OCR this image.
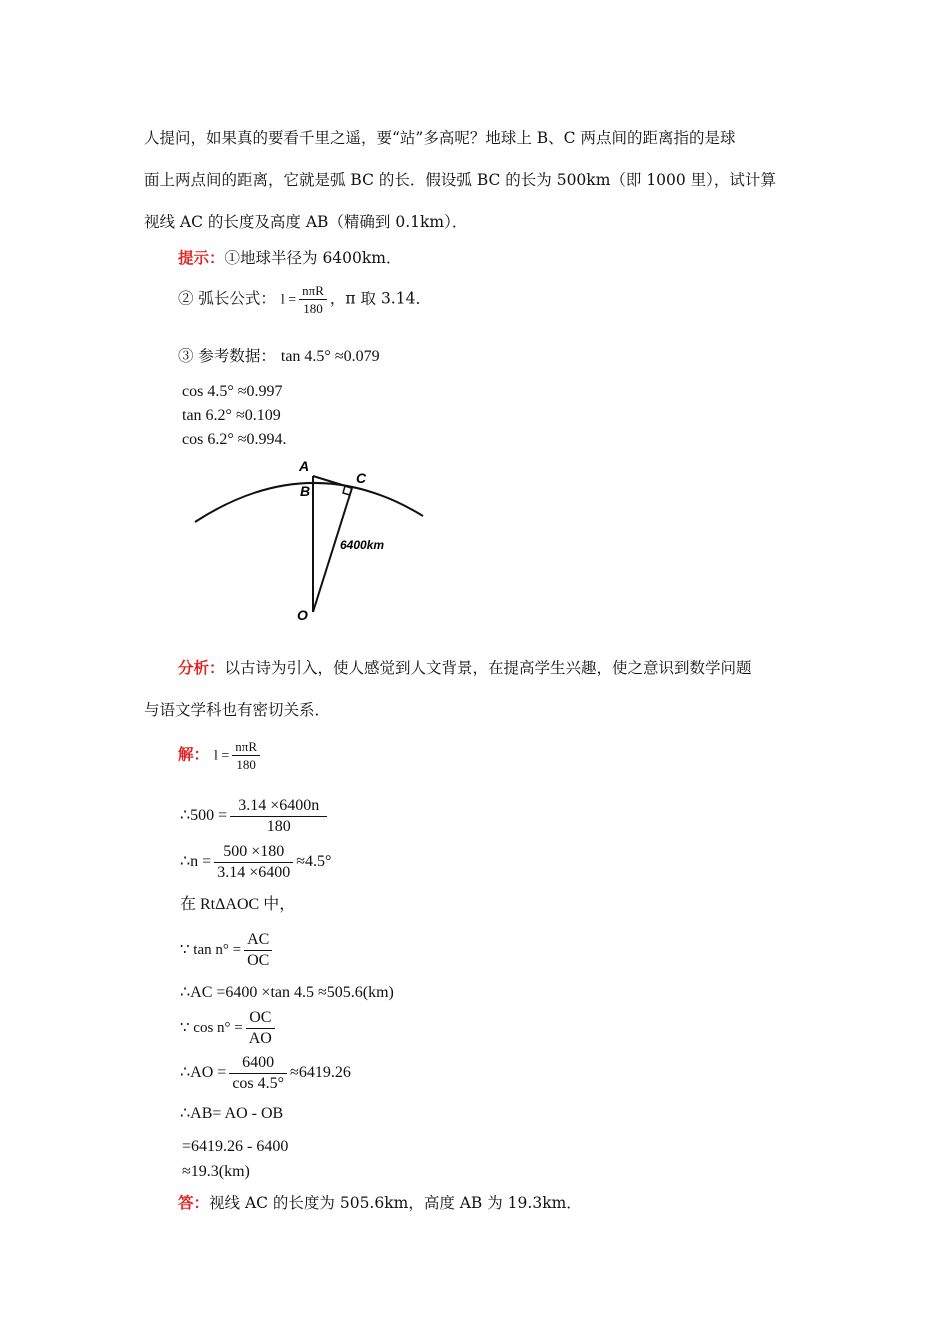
人提问，如果真的要看千里之遥，要“站”多高呢？地球上 B、C 两点间的距离指的是球
面上两点间的距离，它就是弧 BC 的长．假设弧 BC 的长为 500km（即 1000 里），试计算
视线 AC 的长度及高度 AB（精确到 0.1km）．
提示：①地球半径为 6400km．
② 弧长公式： $l = \frac{\text{nπR}}{180}$ ，π 取 3.14．
③ 参考数据： tan 4.5° ≈0.079
cos 4.5° ≈0.997
tan 6.2° ≈0.109
cos 6.2° ≈0.994.
A
B
C
O
6400km
分析：以古诗为引入，使人感觉到人文背景，在提高学生兴趣，使之意识到数学问题
与语文学科也有密切关系．
解： $l = \frac{\text{nπR}}{180}$
∴500 = $\frac{3.14 \times 6400n}{180}$
∴n = $\frac{500 \times 180}{3.14 \times 6400} \approx 4.5^\circ$
在 RtΔAOC 中，
∵ $\tan n^\circ = \frac{AC}{OC}$
∴AC =6400 ×tan 4.5 ≈505.6(km)
∵ $\cos n^\circ = \frac{OC}{AO}$
∴AO = $\frac{6400}{\cos 4.5^\circ} \approx 6419.26$
∴AB= AO - OB
=6419.26 - 6400
≈19.3(km)
答：视线 AC 的长度为 505.6km，高度 AB 为 19.3km．
